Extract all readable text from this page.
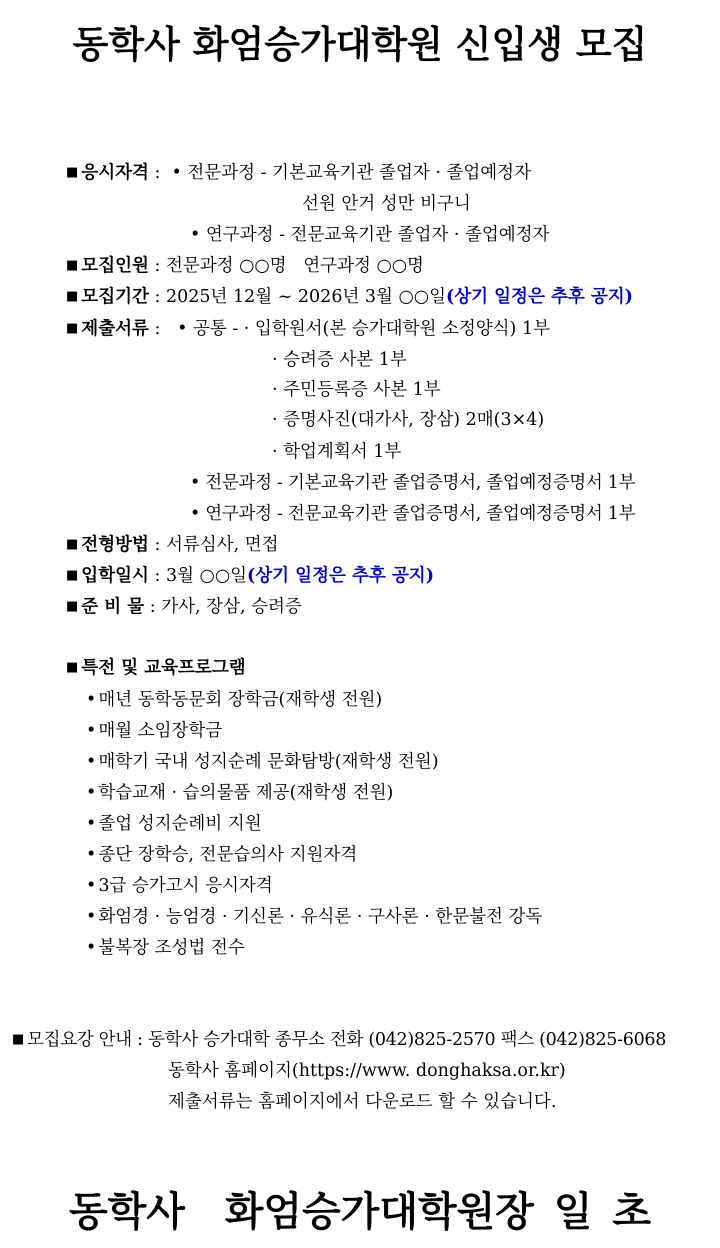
동학사 화엄승가대학원 신입생 모집
■ 응시자격 :  • 전문과정 - 기본교육기관 졸업자 · 졸업예정자
선원 안거 성만 비구니
• 연구과정 - 전문교육기관 졸업자 · 졸업예정자
■ 모집인원 : 전문과정 ○○명   연구과정 ○○명
■ 모집기간 : 2025년 12월 ~ 2026년 3월 ○○일(상기 일정은 추후 공지)
■ 제출서류 :   • 공통 - · 입학원서(본 승가대학원 소정양식) 1부
· 승려증 사본 1부
· 주민등록증 사본 1부
· 증명사진(대가사, 장삼) 2매(3×4)
· 학업계획서 1부
• 전문과정 - 기본교육기관 졸업증명서, 졸업예정증명서 1부
• 연구과정 - 전문교육기관 졸업증명서, 졸업예정증명서 1부
■ 전형방법 : 서류심사, 면접
■ 입학일시 : 3월 ○○일(상기 일정은 추후 공지)
■ 준 비 물 : 가사, 장삼, 승려증
■ 특전 및 교육프로그램
• 매년 동학동문회 장학금(재학생 전원)
• 매월 소임장학금
• 매학기 국내 성지순례 문화탐방(재학생 전원)
• 학습교재 · 습의물품 제공(재학생 전원)
• 졸업 성지순례비 지원
• 종단 장학승, 전문습의사 지원자격
• 3급 승가고시 응시자격
• 화엄경 · 능엄경 · 기신론 · 유식론 · 구사론 · 한문불전 강독
• 불복장 조성법 전수
■ 모집요강 안내 : 동학사 승가대학 종무소 전화 (042)825-2570 팩스 (042)825-6068
동학사 홈페이지(https://www. donghaksa.or.kr)
제출서류는 홈페이지에서 다운로드 할 수 있습니다.
동학사  화엄승가대학원장 일 초
